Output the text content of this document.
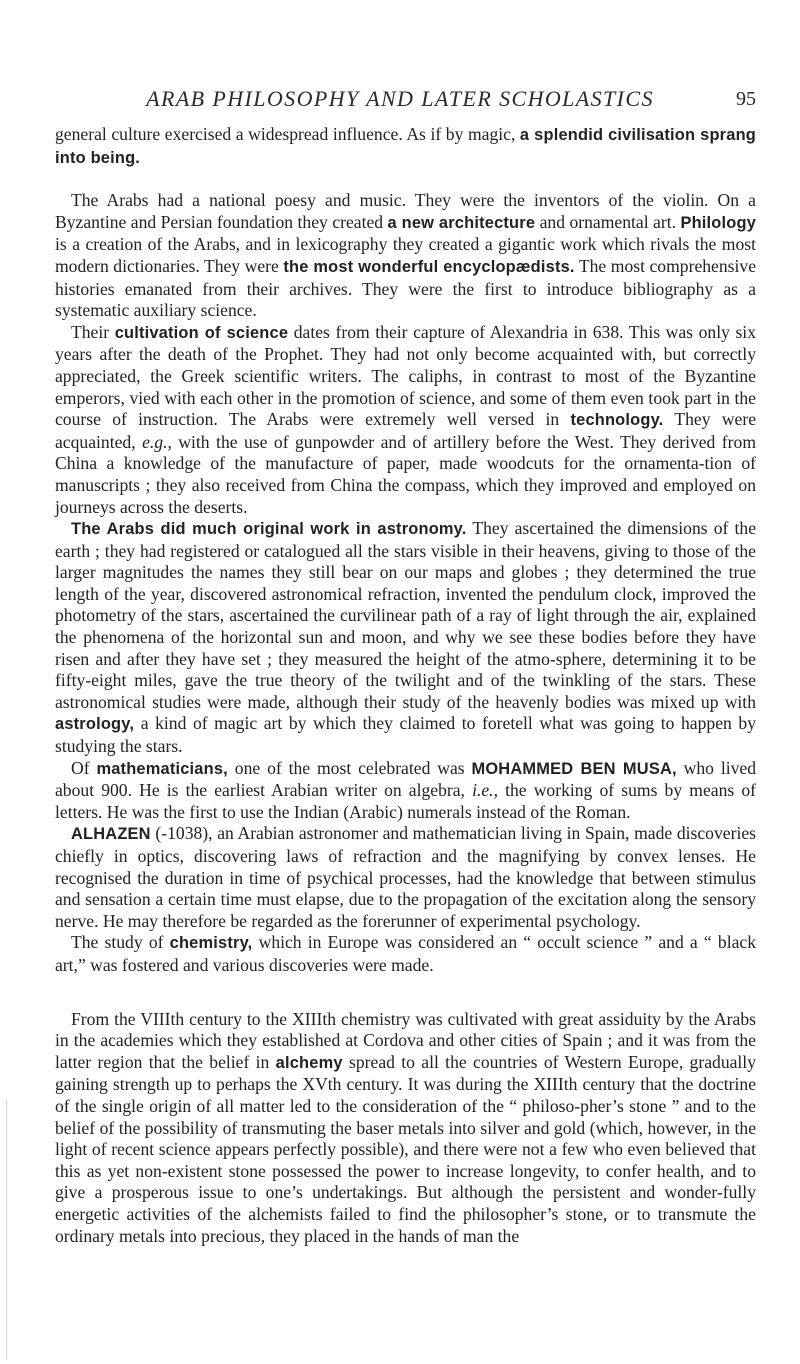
ARAB PHILOSOPHY AND LATER SCHOLASTICS	95

general culture exercised a widespread influence. As if by magic, a splendid civilisation sprang into being.

The Arabs had a national poesy and music. They were the inventors of the violin. On a Byzantine and Persian foundation they created a new architecture and ornamental art. Philology is a creation of the Arabs, and in lexicography they created a gigantic work which rivals the most modern dictionaries. They were the most wonderful encyclopædists. The most comprehensive histories emanated from their archives. They were the first to introduce bibliography as a systematic auxiliary science.

Their cultivation of science dates from their capture of Alexandria in 638. This was only six years after the death of the Prophet. They had not only become acquainted with, but correctly appreciated, the Greek scientific writers. The caliphs, in contrast to most of the Byzantine emperors, vied with each other in the promotion of science, and some of them even took part in the course of instruction. The Arabs were extremely well versed in technology. They were acquainted, e.g., with the use of gunpowder and of artillery before the West. They derived from China a knowledge of the manufacture of paper, made woodcuts for the ornamenta-tion of manuscripts ; they also received from China the compass, which they improved and employed on journeys across the deserts.

The Arabs did much original work in astronomy. They ascertained the dimensions of the earth ; they had registered or catalogued all the stars visible in their heavens, giving to those of the larger magnitudes the names they still bear on our maps and globes ; they determined the true length of the year, discovered astronomical refraction, invented the pendulum clock, improved the photometry of the stars, ascertained the curvilinear path of a ray of light through the air, explained the phenomena of the horizontal sun and moon, and why we see these bodies before they have risen and after they have set ; they measured the height of the atmo-sphere, determining it to be fifty-eight miles, gave the true theory of the twilight and of the twinkling of the stars. These astronomical studies were made, although their study of the heavenly bodies was mixed up with astrology, a kind of magic art by which they claimed to foretell what was going to happen by studying the stars.

Of mathematicians, one of the most celebrated was MOHAMMED BEN MUSA, who lived about 900. He is the earliest Arabian writer on algebra, i.e., the working of sums by means of letters. He was the first to use the Indian (Arabic) numerals instead of the Roman.

ALHAZEN (-1038), an Arabian astronomer and mathematician living in Spain, made discoveries chiefly in optics, discovering laws of refraction and the magnifying by convex lenses. He recognised the duration in time of psychical processes, had the knowledge that between stimulus and sensation a certain time must elapse, due to the propagation of the excitation along the sensory nerve. He may therefore be regarded as the forerunner of experimental psychology.

The study of chemistry, which in Europe was considered an “ occult science ” and a “ black art,” was fostered and various discoveries were made.

From the VIIIth century to the XIIIth chemistry was cultivated with great assiduity by the Arabs in the academies which they established at Cordova and other cities of Spain ; and it was from the latter region that the belief in alchemy spread to all the countries of Western Europe, gradually gaining strength up to perhaps the XVth century. It was during the XIIIth century that the doctrine of the single origin of all matter led to the consideration of the “ philoso-pher’s stone ” and to the belief of the possibility of transmuting the baser metals into silver and gold (which, however, in the light of recent science appears perfectly possible), and there were not a few who even believed that this as yet non-existent stone possessed the power to increase longevity, to confer health, and to give a prosperous issue to one’s undertakings. But although the persistent and wonder-fully energetic activities of the alchemists failed to find the philosopher’s stone, or to transmute the ordinary metals into precious, they placed in the hands of man the
